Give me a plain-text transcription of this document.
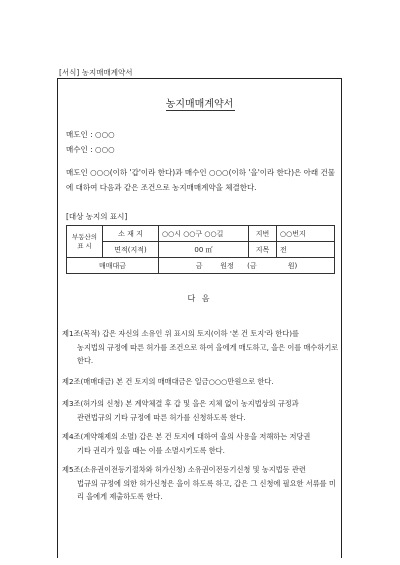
[서식] 농지매매계약서
농지매매계약서
매도인 : ○○○
매수인 : ○○○
매도인 ○○○(이하 '갑'이라 한다)과 매수인 ○○○(이하 '을'이라 한다)은 아래 건물에 대하여 다음과 같은 조건으로 농지매매계약을 체결한다.
[대상 농지의 표시]
부동산의 표 시	소 재 지	○○시 ○○구 ○○길	지번	○○번지
	면적(지적)	00 ㎡	지목	전
매매대금		금        원정      (금              원)		
다 음
제1조(목적) 갑은 자신의 소유인 위 표시의 토지(이하 '본 건 토지'라 한다)를
농지법의 규정에 따른 허가를 조건으로 하여 을에게 매도하고, 을은 이를 매수하기로 한다.
제2조(매매대금) 본 건 토지의 매매대금은 일금○○○만원으로 한다.
제3조(허가의 신청) 본 계약체결 후 갑 및 을은 지체 없이 농지법상의 규정과
관련법규의 기타 규정에 따른 허가를 신청하도록 한다.
제4조(계약해제의 소멸) 갑은 본 건 토지에 대하여 을의 사용을 저해하는 저당권
기타 권리가 있을 때는 이를 소멸시키도록 한다.
제5조(소유권이전등기절차와 허가신청) 소유권이전등기신청 및 농지법등 관련
법규의 규정에 의한 허가신청은 을이 하도록 하고, 갑은 그 신청에 필요한 서류를 미리 을에게 제출하도록 한다.
